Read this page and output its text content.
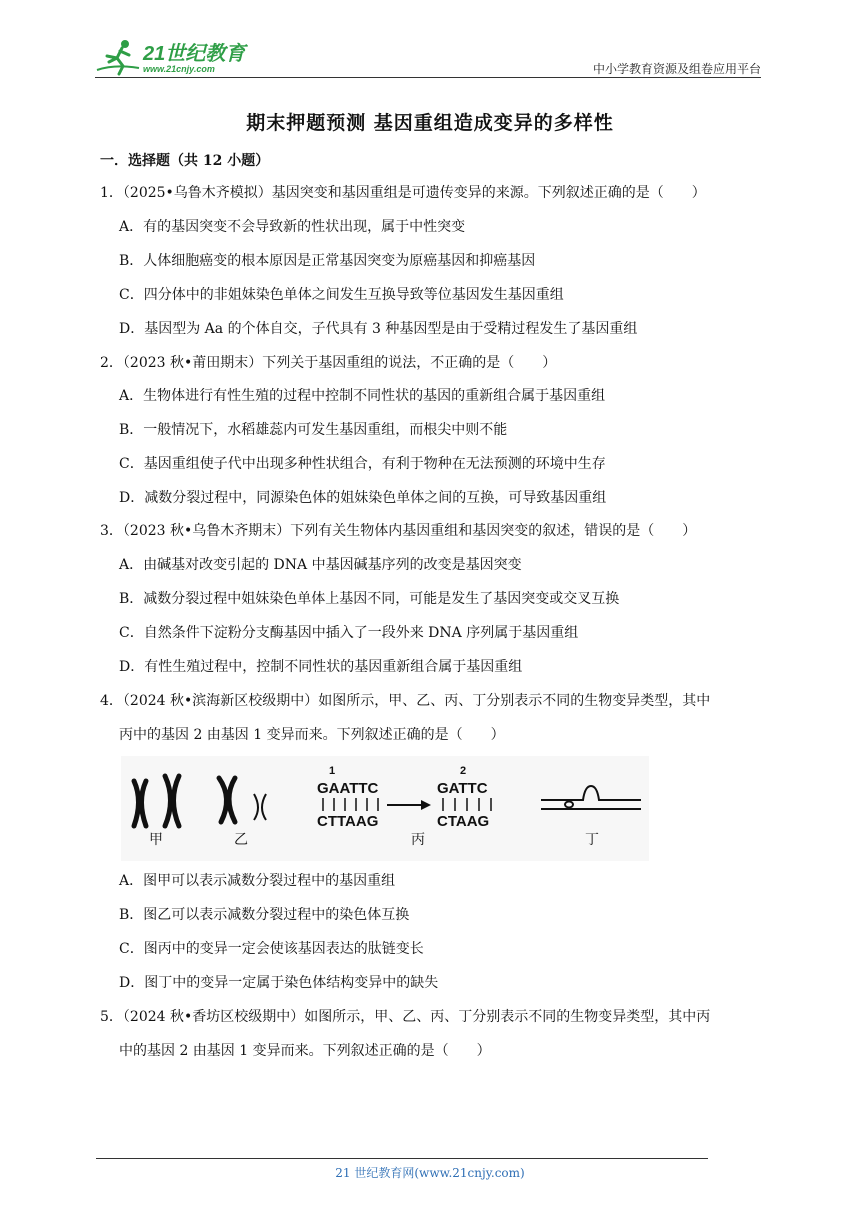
21世纪教育
www.21cnjy.com	中小学教育资源及组卷应用平台
期末押题预测 基因重组造成变异的多样性
一．选择题（共 12 小题）
1．（2025•乌鲁木齐模拟）基因突变和基因重组是可遗传变异的来源。下列叙述正确的是（　　）
A．有的基因突变不会导致新的性状出现，属于中性突变
B．人体细胞癌变的根本原因是正常基因突变为原癌基因和抑癌基因
C．四分体中的非姐妹染色单体之间发生互换导致等位基因发生基因重组
D．基因型为 Aa 的个体自交，子代具有 3 种基因型是由于受精过程发生了基因重组
2．（2023 秋•莆田期末）下列关于基因重组的说法，不正确的是（　　）
A．生物体进行有性生殖的过程中控制不同性状的基因的重新组合属于基因重组
B．一般情况下，水稻雄蕊内可发生基因重组，而根尖中则不能
C．基因重组使子代中出现多种性状组合，有利于物种在无法预测的环境中生存
D．减数分裂过程中，同源染色体的姐妹染色单体之间的互换，可导致基因重组
3．（2023 秋•乌鲁木齐期末）下列有关生物体内基因重组和基因突变的叙述，错误的是（　　）
A．由碱基对改变引起的 DNA 中基因碱基序列的改变是基因突变
B．减数分裂过程中姐妹染色单体上基因不同，可能是发生了基因突变或交叉互换
C．自然条件下淀粉分支酶基因中插入了一段外来 DNA 序列属于基因重组
D．有性生殖过程中，控制不同性状的基因重新组合属于基因重组
4．（2024 秋•滨海新区校级期中）如图所示，甲、乙、丙、丁分别表示不同的生物变异类型，其中
丙中的基因 2 由基因 1 变异而来。下列叙述正确的是（　　）
甲	乙
1
GAATTC
CTTAAG
2
GATTC
CTAAG
丙	丁
A．图甲可以表示减数分裂过程中的基因重组
B．图乙可以表示减数分裂过程中的染色体互换
C．图丙中的变异一定会使该基因表达的肽链变长
D．图丁中的变异一定属于染色体结构变异中的缺失
5．（2024 秋•香坊区校级期中）如图所示，甲、乙、丙、丁分别表示不同的生物变异类型，其中丙
中的基因 2 由基因 1 变异而来。下列叙述正确的是（　　）
21 世纪教育网(www.21cnjy.com)
